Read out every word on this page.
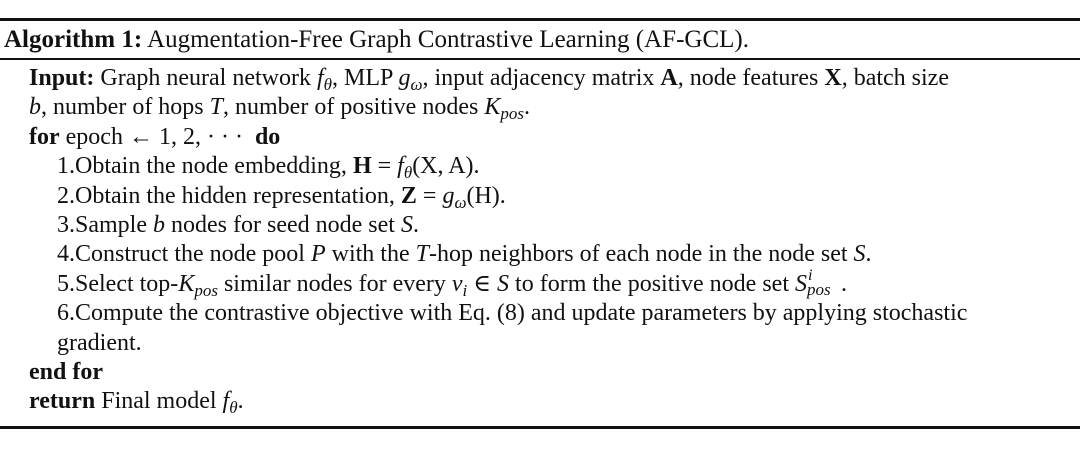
Algorithm 1: Augmentation-Free Graph Contrastive Learning (AF-GCL).
Input: Graph neural network $f_\theta$, MLP $g_\omega$, input adjacency matrix A, node features X, batch size
b, number of hops T, number of positive nodes $K_{pos}$.
for epoch ← 1, 2, · · · do
1.Obtain the node embedding, $H = f_\theta(X$, A).
2.Obtain the hidden representation, $Z = g_\omega(H)$.
3.Sample b nodes for seed node set S.
4.Construct the node pool P with the T-hop neighbors of each node in the node set S.
5.Select top-$K_{pos}$ similar nodes for every $v_i$ ∈ S to form the positive node set S i
pos .
6.Compute the contrastive objective with Eq. (8) and update parameters by applying stochastic
gradient.
end for
return Final model $f_\theta$.
